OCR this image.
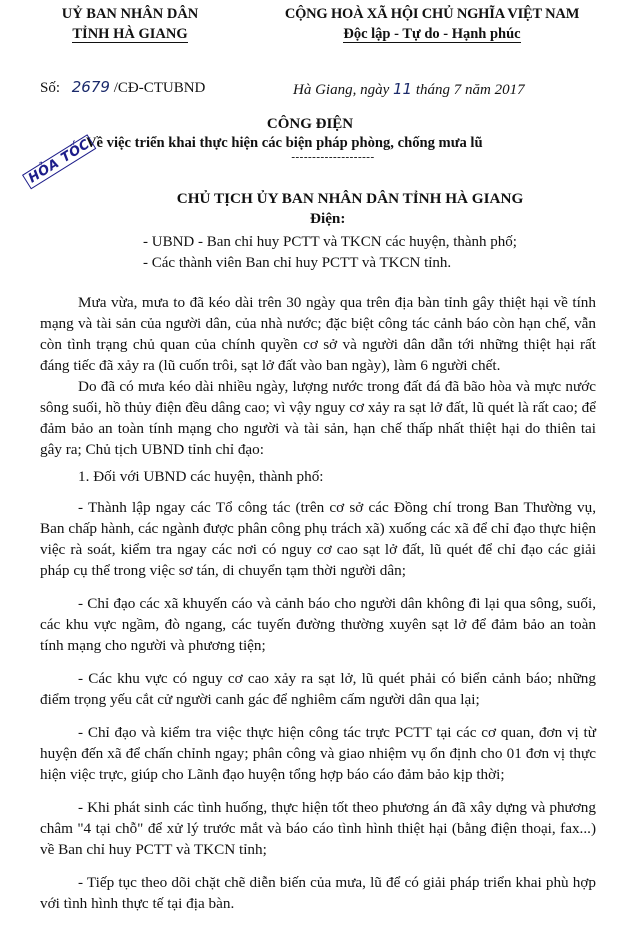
UỶ BAN NHÂN DÂN
TỈNH HÀ GIANG
CỘNG HOÀ XÃ HỘI CHỦ NGHĨA VIỆT NAM
Độc lập - Tự do - Hạnh phúc
Số: 2679 /CĐ-CTUBND	Hà Giang, ngày 11 tháng 7 năm 2017
CÔNG ĐIỆN
Về việc triển khai thực hiện các biện pháp phòng, chống mưa lũ
--------------------
HỎA TỐC
CHỦ TỊCH ỦY BAN NHÂN DÂN TỈNH HÀ GIANG
Điện:
- UBND - Ban chỉ huy PCTT và TKCN các huyện, thành phố;
- Các thành viên Ban chỉ huy PCTT và TKCN tỉnh.

Mưa vừa, mưa to đã kéo dài trên 30 ngày qua trên địa bàn tỉnh gây thiệt hại về tính mạng và tài sản của người dân, của nhà nước; đặc biệt công tác cảnh báo còn hạn chế, vẫn còn tình trạng chủ quan của chính quyền cơ sở và người dân dẫn tới những thiệt hại rất đáng tiếc đã xảy ra (lũ cuốn trôi, sạt lở đất vào ban ngày), làm 6 người chết.

Do đã có mưa kéo dài nhiều ngày, lượng nước trong đất đá đã bão hòa và mực nước sông suối, hồ thủy điện đều dâng cao; vì vậy nguy cơ xảy ra sạt lở đất, lũ quét là rất cao; để đảm bảo an toàn tính mạng cho người và tài sản, hạn chế thấp nhất thiệt hại do thiên tai gây ra; Chủ tịch UBND tỉnh chỉ đạo:

1. Đối với UBND các huyện, thành phố:

- Thành lập ngay các Tổ công tác (trên cơ sở các Đồng chí trong Ban Thường vụ, Ban chấp hành, các ngành được phân công phụ trách xã) xuống các xã để chỉ đạo thực hiện việc rà soát, kiểm tra ngay các nơi có nguy cơ cao sạt lở đất, lũ quét để chỉ đạo các giải pháp cụ thể trong việc sơ tán, di chuyển tạm thời người dân;

- Chỉ đạo các xã khuyến cáo và cảnh báo cho người dân không đi lại qua sông, suối, các khu vực ngầm, đò ngang, các tuyến đường thường xuyên sạt lở để đảm bảo an toàn tính mạng cho người và phương tiện;

- Các khu vực có nguy cơ cao xảy ra sạt lở, lũ quét phải có biển cảnh báo; những điểm trọng yếu cắt cử người canh gác để nghiêm cấm người dân qua lại;

- Chỉ đạo và kiểm tra việc thực hiện công tác trực PCTT tại các cơ quan, đơn vị từ huyện đến xã để chấn chỉnh ngay; phân công và giao nhiệm vụ ổn định cho 01 đơn vị thực hiện việc trực, giúp cho Lãnh đạo huyện tổng hợp báo cáo đảm bảo kịp thời;

- Khi phát sinh các tình huống, thực hiện tốt theo phương án đã xây dựng và phương châm "4 tại chỗ" để xử lý trước mắt và báo cáo tình hình thiệt hại (bằng điện thoại, fax...) về Ban chỉ huy PCTT và TKCN tỉnh;

- Tiếp tục theo dõi chặt chẽ diễn biến của mưa, lũ để có giải pháp triển khai phù hợp với tình hình thực tế tại địa bàn.
